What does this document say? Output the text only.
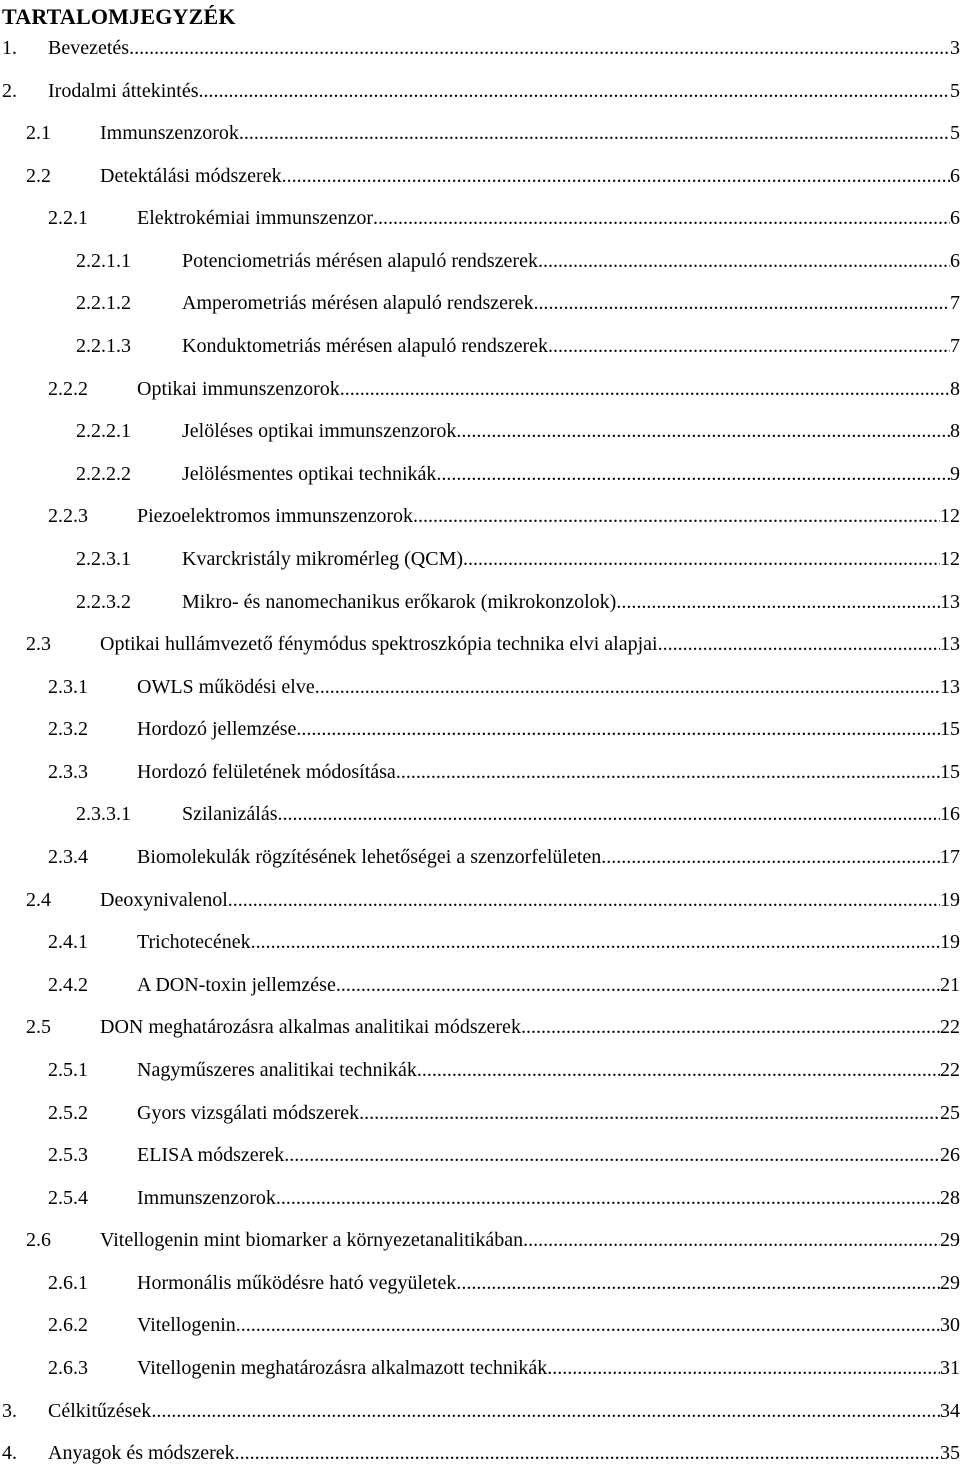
TARTALOMJEGYZÉK
1. Bevezetés .....	3
2. Irodalmi áttekintés .....	5
2.1 Immunszenzorok .....	5
2.2 Detektálási módszerek .....	6
2.2.1 Elektrokémiai immunszenzor .....	6
2.2.1.1	Potenciometriás mérésen alapuló rendszerek .....	6
2.2.1.2	Amperometriás mérésen alapuló rendszerek .....	7
2.2.1.3	Konduktometriás mérésen alapuló rendszerek .....	7
2.2.2 Optikai immunszenzorok .....	8
2.2.2.1	Jelöléses optikai immunszenzorok .....	8
2.2.2.2	Jelölésmentes optikai technikák .....	9
2.2.3 Piezoelektromos immunszenzorok .....	12
2.2.3.1	Kvarckristály mikromérleg (QCM) .....	12
2.2.3.2	Mikro- és nanomechanikus erőkarok (mikrokonzolok) .....	13
2.3 Optikai hullámvezető fénymódus spektroszkópia technika elvi alapjai .....	13
2.3.1 OWLS működési elve .....	13
2.3.2 Hordozó jellemzése .....	15
2.3.3 Hordozó felületének módosítása .....	15
2.3.3.1	Szilanizálás .....	16
2.3.4 Biomolekulák rögzítésének lehetőségei a szenzorfelületen .....	17
2.4 Deoxynivalenol .....	19
2.4.1 Trichotecének .....	19
2.4.2 A DON-toxin jellemzése .....	21
2.5 DON meghatározásra alkalmas analitikai módszerek .....	22
2.5.1 Nagyműszeres analitikai technikák .....	22
2.5.2 Gyors vizsgálati módszerek .....	25
2.5.3 ELISA módszerek .....	26
2.5.4 Immunszenzorok .....	28
2.6 Vitellogenin mint biomarker a környezetanalitikában .....	29
2.6.1 Hormonális működésre ható vegyületek .....	29
2.6.2 Vitellogenin .....	30
2.6.3 Vitellogenin meghatározásra alkalmazott technikák .....	31
3. Célkitűzések .....	34
4. Anyagok és módszerek .....	35
